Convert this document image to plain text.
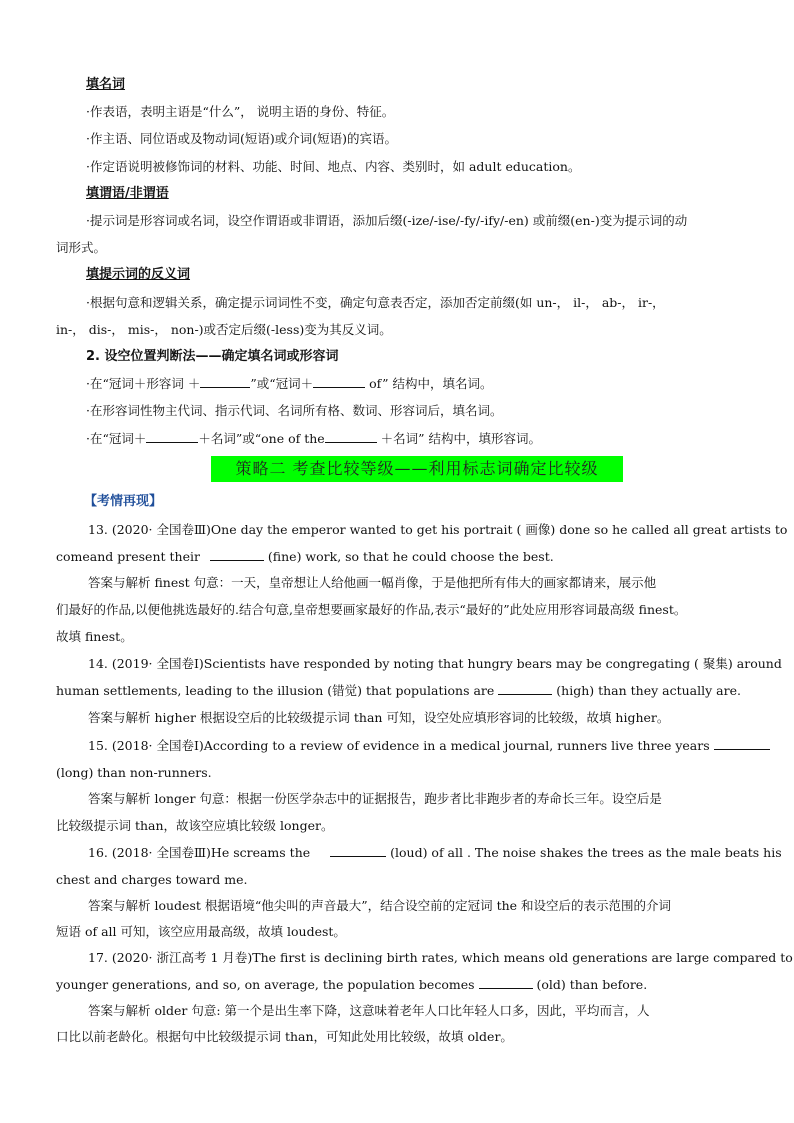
填名词
·作表语，表明主语是“什么”， 说明主语的身份、特征。
·作主语、同位语或及物动词(短语)或介词(短语)的宾语。
·作定语说明被修饰词的材料、功能、时间、地点、内容、类别时，如 adult education。
填谓语/非谓语
·提示词是形容词或名词，设空作谓语或非谓语，添加后缀(-ize/-ise/-fy/-ify/-en) 或前缀(en-)变为提示词的动
词形式。
填提示词的反义词
·根据句意和逻辑关系，确定提示词词性不变，确定句意表否定，添加否定前缀(如 un-， il-， ab-， ir-，
in-， dis-， mis-， non-)或否定后缀(-less)变为其反义词。
2. 设空位置判断法——确定填名词或形容词
·在“冠词＋形容词 ＋	”或“冠词＋	of” 结构中，填名词。
·在形容词性物主代词、指示代词、名词所有格、数词、形容词后，填名词。
·在“冠词＋	＋名词”或“one of the	＋名词” 结构中，填形容词。
策略二 考查比较等级——利用标志词确定比较级
【考情再现】
13. (2020· 全国卷Ⅲ)One day the emperor wanted to get his portrait ( 画像) done so he called all great artists to
comeand present their	(fine) work, so that he could choose the best.
答案与解析 finest 句意：一天，皇帝想让人给他画一幅肖像，于是他把所有伟大的画家都请来，展示他
们最好的作品,以便他挑选最好的.结合句意,皇帝想要画家最好的作品,表示“最好的”此处应用形容词最高级 finest。
故填 finest。
14. (2019· 全国卷Ⅰ)Scientists have responded by noting that hungry bears may be congregating ( 聚集) around
human settlements, leading to the illusion (错觉) that populations are	(high) than they actually are.
答案与解析 higher 根据设空后的比较级提示词 than 可知，设空处应填形容词的比较级，故填 higher。
15. (2018· 全国卷Ⅰ)According to a review of evidence in a medical journal, runners live three years
(long) than non-runners.
答案与解析 longer 句意：根据一份医学杂志中的证据报告，跑步者比非跑步者的寿命长三年。设空后是
比较级提示词 than，故该空应填比较级 longer。
16. (2018· 全国卷Ⅲ)He screams the	(loud) of all . The noise shakes the trees as the male beats his
chest and charges toward me.
答案与解析 loudest 根据语境“他尖叫的声音最大”，结合设空前的定冠词 the 和设空后的表示范围的介词
短语 of all 可知，该空应用最高级，故填 loudest。
17. (2020· 浙江高考 1 月卷)The first is declining birth rates, which means old generations are large compared to
younger generations, and so, on average, the population becomes	(old) than before.
答案与解析 older 句意: 第一个是出生率下降，这意味着老年人口比年轻人口多，因此，平均而言，人
口比以前老龄化。根据句中比较级提示词 than，可知此处用比较级，故填 older。
